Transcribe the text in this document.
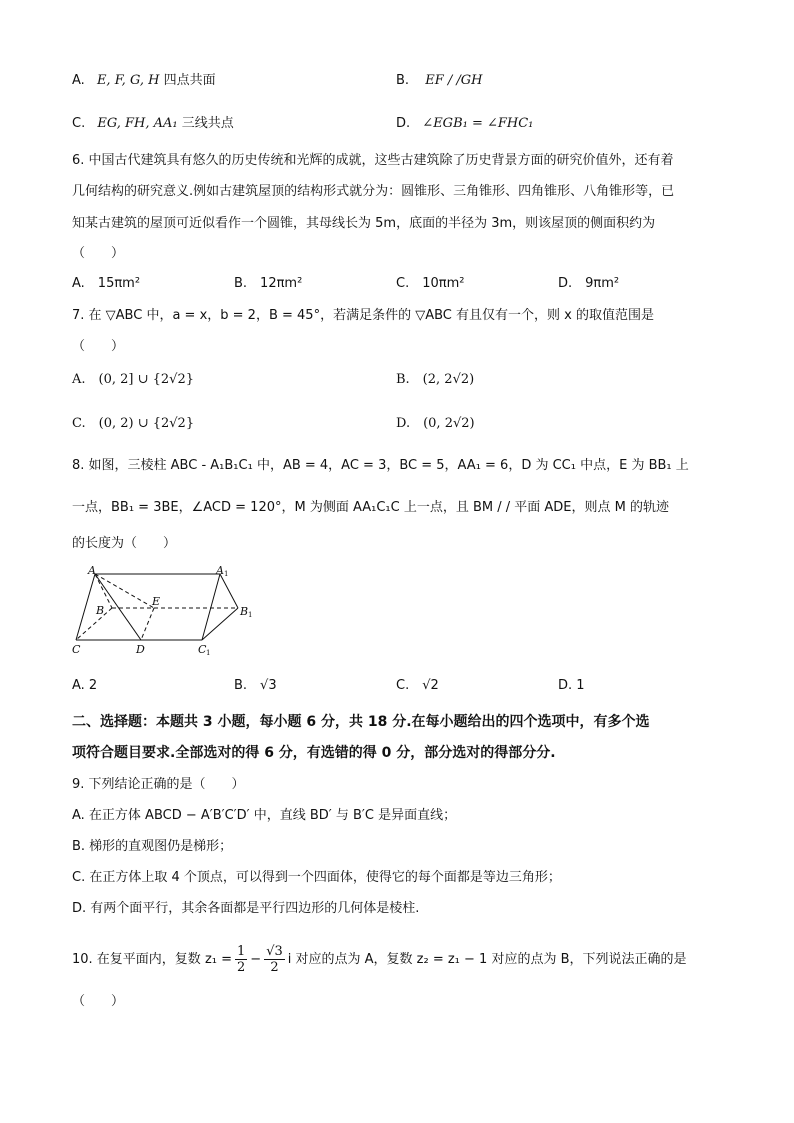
A. E, F, G, H 四点共面	B. EF / /GH
C. EG, FH, AA₁ 三线共点	D. ∠EGB₁ = ∠FHC₁
6. 中国古代建筑具有悠久的历史传统和光辉的成就，这些古建筑除了历史背景方面的研究价值外，还有着
几何结构的研究意义.例如古建筑屋顶的结构形式就分为：圆锥形、三角锥形、四角锥形、八角锥形等，已
知某古建筑的屋顶可近似看作一个圆锥，其母线长为 5m，底面的半径为 3m，则该屋顶的侧面积约为
（　　）
A.　15πm²	B.　12πm²	C.　10πm²	D.　9πm²
7. 在 ▽ABC 中，a = x，b = 2，B = 45°，若满足条件的 ▽ABC 有且仅有一个，则 x 的取值范围是
（　　）
A.　(0, 2] ∪ {2√2}	B.　(2, 2√2)
C.　(0, 2) ∪ {2√2}	D.　(0, 2√2)
8. 如图，三棱柱 ABC - A₁B₁C₁ 中，AB = 4，AC = 3，BC = 5，AA₁ = 6，D 为 CC₁ 中点，E 为 BB₁ 上
一点，BB₁ = 3BE，∠ACD = 120°，M 为侧面 AA₁C₁C 上一点，且 BM / / 平面 ADE，则点 M 的轨迹
的长度为（　　）
A	A 1
B
E
B 1
C	D	C 1
A. 2	B.　√3	C.　√2	D. 1
二、选择题：本题共 3 小题，每小题 6 分，共 18 分.在每小题给出的四个选项中，有多个选
项符合题目要求.全部选对的得 6 分，有选错的得 0 分，部分选对的得部分分.
9. 下列结论正确的是（　　）
A. 在正方体 ABCD − A′B′C′D′ 中，直线 BD′ 与 B′C 是异面直线；
B. 梯形的直观图仍是梯形；
C. 在正方体上取 4 个顶点，可以得到一个四面体，使得它的每个面都是等边三角形；
D. 有两个面平行，其余各面都是平行四边形的几何体是棱柱.
10. 在复平面内，复数 $z_1 = \frac{1}{2} - \frac{√3}{2}$ i 对应的点为 A，复数 z₂ = z₁ − 1 对应的点为 B，下列说法正确的是
（　　）
